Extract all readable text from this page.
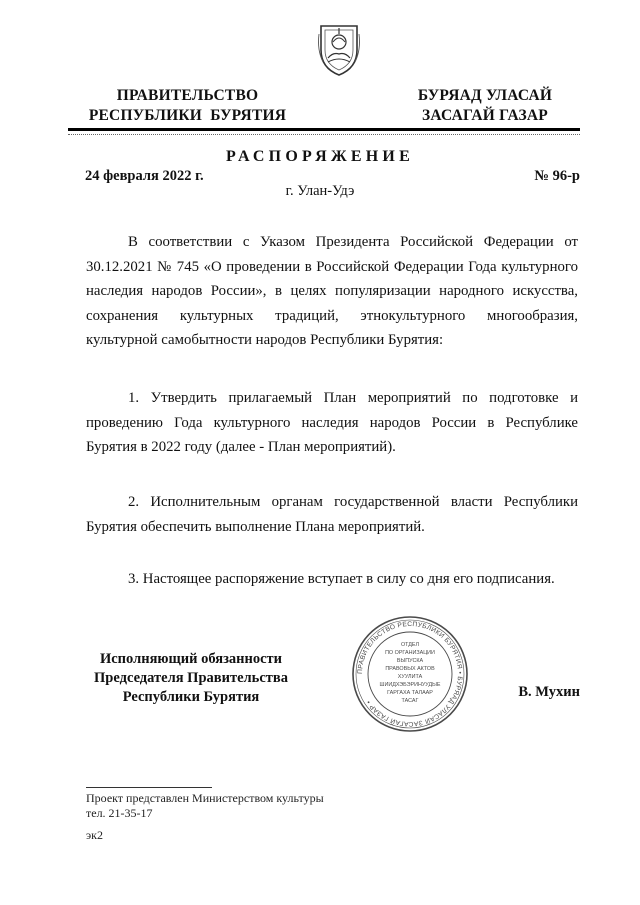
ПРАВИТЕЛЬСТВО
РЕСПУБЛИКИ  БУРЯТИЯ
БУРЯАД УЛАСАЙ
ЗАСАГАЙ ГАЗАР
РАСПОРЯЖЕНИЕ
24 февраля 2022 г.	№ 96-р
г. Улан-Удэ
В соответствии с Указом Президента Российской Федерации от 30.12.2021 № 745 «О проведении в Российской Федерации Года культурного наследия народов России», в целях популяризации народного искусства, сохранения культурных традиций, этнокультурного многообразия, культурной самобытности народов Республики Бурятия:
1. Утвердить прилагаемый План мероприятий по подготовке и проведению Года культурного наследия народов России в Республике Бурятия в 2022 году (далее - План мероприятий).
2. Исполнительным органам государственной власти Республики Бурятия обеспечить выполнение Плана мероприятий.
3. Настоящее распоряжение вступает в силу со дня его подписания.
Исполняющий обязанности
Председателя Правительства
Республики Бурятия	В. Мухин
ПРАВИТЕЛЬСТВО РЕСПУБЛИКИ БУРЯТИЯ • БУРЯАД УЛАСАЙ ЗАСАГАЙ ГАЗАР •
ОТДЕЛ
ПО ОРГАНИЗАЦИИ
ВЫПУСКА
ПРАВОВЫХ АКТОВ
ХУУЛИТА
ШИИДХЭБЭРИНУУДЫЕ
ГАРГАХА ТАЛААР
ТАСАГ
Проект представлен Министерством культуры
тел. 21-35-17
эк2
